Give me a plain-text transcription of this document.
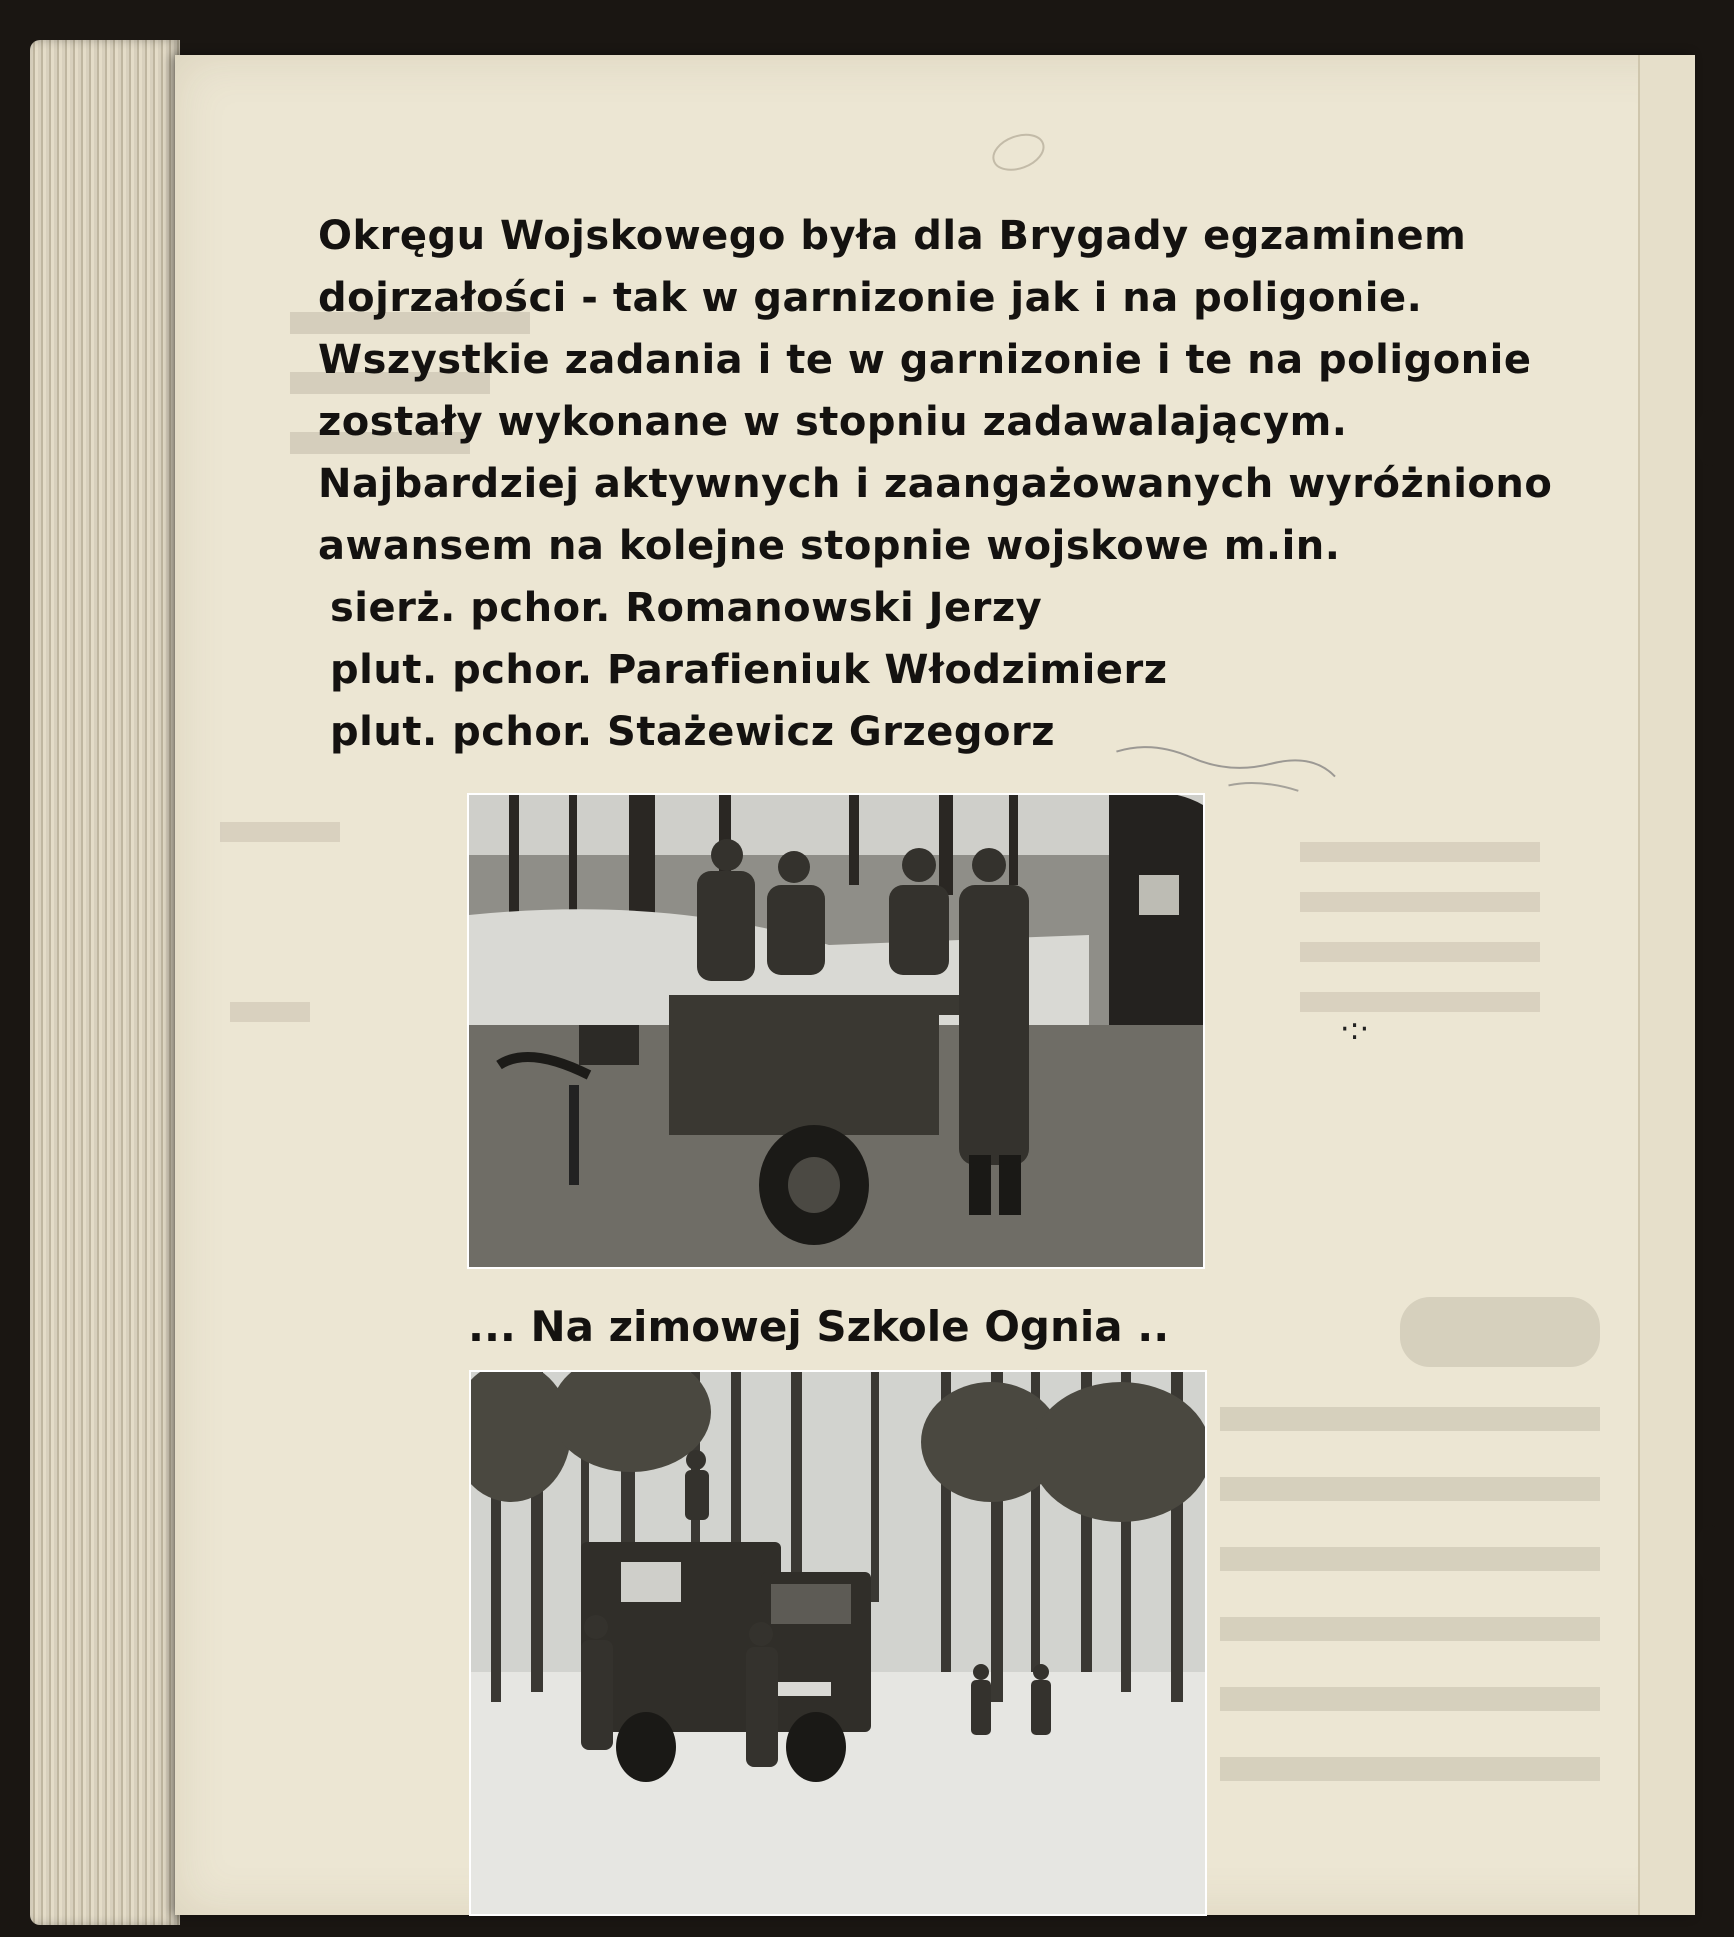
Okręgu Wojskowego była dla Brygady egzaminem
dojrzałości - tak w garnizonie jak i na poligonie.
Wszystkie zadania i te w garnizonie i te na poligonie
zostały wykonane w stopniu zadawalającym.
Najbardziej aktywnych i zaangażowanych wyróżniono
awansem na kolejne stopnie wojskowe m.in.
sierż. pchor. Romanowski Jerzy
plut. pchor. Parafieniuk Włodzimierz
plut. pchor. Stażewicz Grzegorz
·:·
... Na zimowej Szkole Ognia ..
